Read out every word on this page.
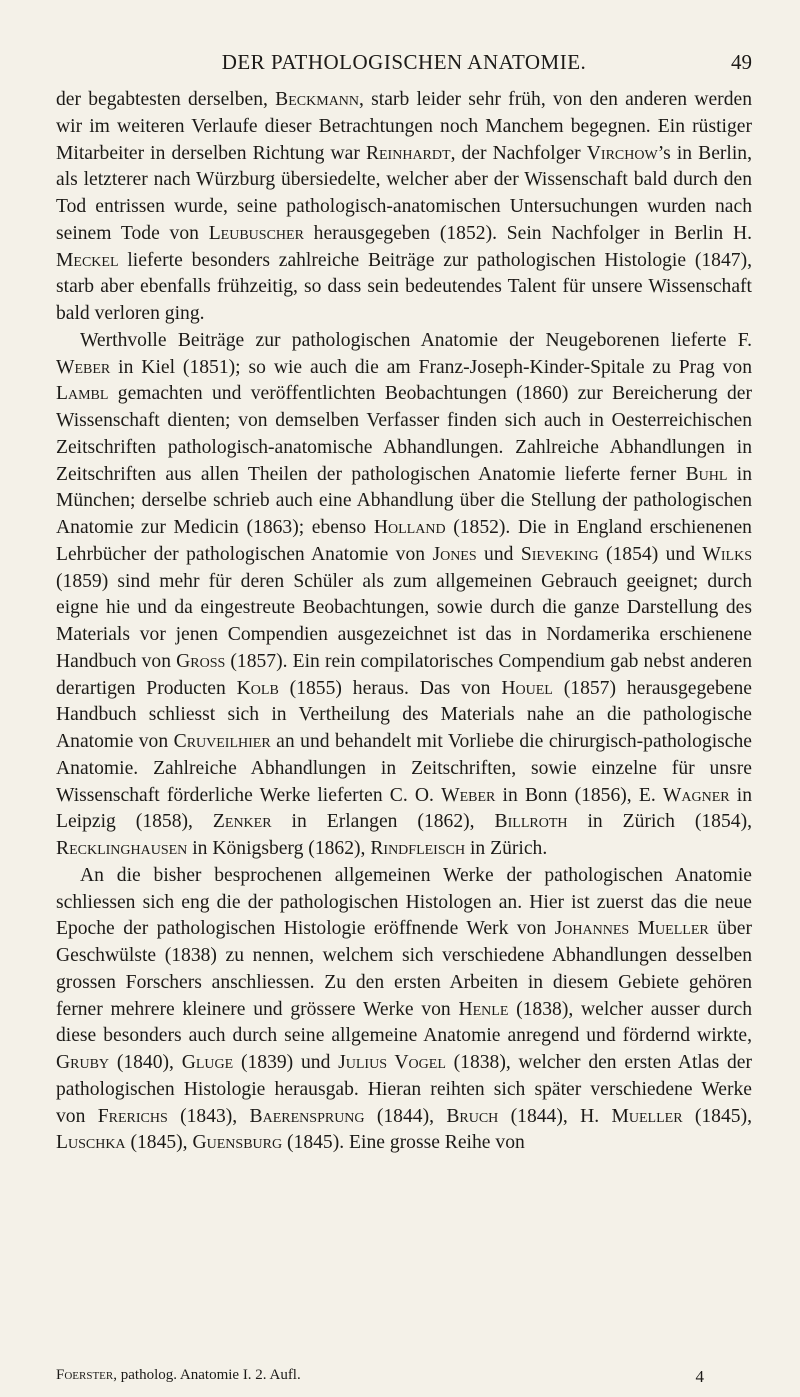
DER PATHOLOGISCHEN ANATOMIE.	49

der begabtesten derselben, Beckmann, starb leider sehr früh, von den anderen werden wir im weiteren Verlaufe dieser Betrachtungen noch Manchem begegnen. Ein rüstiger Mitarbeiter in derselben Richtung war Reinhardt, der Nachfolger Virchow’s in Berlin, als letzterer nach Würzburg übersiedelte, welcher aber der Wissenschaft bald durch den Tod entrissen wurde, seine pathologisch-anatomischen Untersuchungen wurden nach seinem Tode von Leubuscher herausgegeben (1852). Sein Nachfolger in Berlin H. Meckel lieferte besonders zahlreiche Beiträge zur pathologischen Histologie (1847), starb aber ebenfalls frühzeitig, so dass sein bedeutendes Talent für unsere Wissenschaft bald verloren ging.

Werthvolle Beiträge zur pathologischen Anatomie der Neugeborenen lieferte F. Weber in Kiel (1851); so wie auch die am Franz-Joseph-Kinder-Spitale zu Prag von Lambl gemachten und veröffentlichten Beobachtungen (1860) zur Bereicherung der Wissenschaft dienten; von demselben Verfasser finden sich auch in Oesterreichischen Zeitschriften pathologisch-anatomische Abhandlungen. Zahlreiche Abhandlungen in Zeitschriften aus allen Theilen der pathologischen Anatomie lieferte ferner Buhl in München; derselbe schrieb auch eine Abhandlung über die Stellung der pathologischen Anatomie zur Medicin (1863); ebenso Holland (1852). Die in England erschienenen Lehrbücher der pathologischen Anatomie von Jones und Sieveking (1854) und Wilks (1859) sind mehr für deren Schüler als zum allgemeinen Gebrauch geeignet; durch eigne hie und da eingestreute Beobachtungen, sowie durch die ganze Darstellung des Materials vor jenen Compendien ausgezeichnet ist das in Nordamerika erschienene Handbuch von Gross (1857). Ein rein compilatorisches Compendium gab nebst anderen derartigen Producten Kolb (1855) heraus. Das von Houel (1857) herausgegebene Handbuch schliesst sich in Vertheilung des Materials nahe an die pathologische Anatomie von Cruveilhier an und behandelt mit Vorliebe die chirurgisch-pathologische Anatomie. Zahlreiche Abhandlungen in Zeitschriften, sowie einzelne für unsre Wissenschaft förderliche Werke lieferten C. O. Weber in Bonn (1856), E. Wagner in Leipzig (1858), Zenker in Erlangen (1862), Billroth in Zürich (1854), Recklinghausen in Königsberg (1862), Rindfleisch in Zürich.

An die bisher besprochenen allgemeinen Werke der pathologischen Anatomie schliessen sich eng die der pathologischen Histologen an. Hier ist zuerst das die neue Epoche der pathologischen Histologie eröffnende Werk von Johannes Mueller über Geschwülste (1838) zu nennen, welchem sich verschiedene Abhandlungen desselben grossen Forschers anschliessen. Zu den ersten Arbeiten in diesem Gebiete gehören ferner mehrere kleinere und grössere Werke von Henle (1838), welcher ausser durch diese besonders auch durch seine allgemeine Anatomie anregend und fördernd wirkte, Gruby (1840), Gluge (1839) und Julius Vogel (1838), welcher den ersten Atlas der pathologischen Histologie herausgab. Hieran reihten sich später verschiedene Werke von Frerichs (1843), Baerensprung (1844), Bruch (1844), H. Mueller (1845), Luschka (1845), Guensburg (1845). Eine grosse Reihe von

Foerster, patholog. Anatomie I. 2. Aufl.	4
